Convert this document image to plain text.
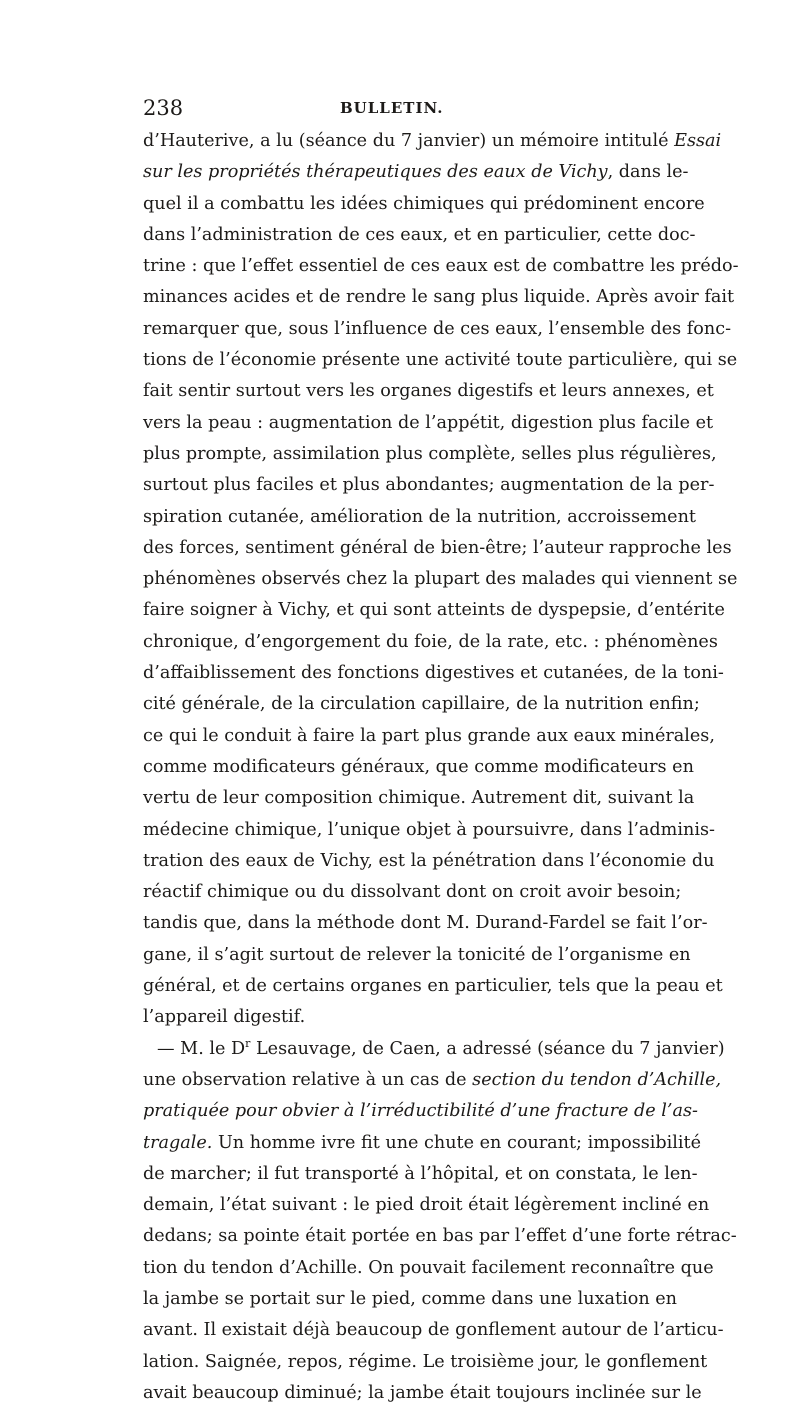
238	BULLETIN.
d’Hauterive, a lu (séance du 7 janvier) un mémoire intitulé Essai
sur les propriétés thérapeutiques des eaux de Vichy, dans le-
quel il a combattu les idées chimiques qui prédominent encore
dans l’administration de ces eaux, et en particulier, cette doc-
trine : que l’effet essentiel de ces eaux est de combattre les prédo-
minances acides et de rendre le sang plus liquide. Après avoir fait
remarquer que, sous l’influence de ces eaux, l’ensemble des fonc-
tions de l’économie présente une activité toute particulière, qui se
fait sentir surtout vers les organes digestifs et leurs annexes, et
vers la peau : augmentation de l’appétit, digestion plus facile et
plus prompte, assimilation plus complète, selles plus régulières,
surtout plus faciles et plus abondantes; augmentation de la per-
spiration cutanée, amélioration de la nutrition, accroissement
des forces, sentiment général de bien-être; l’auteur rapproche les
phénomènes observés chez la plupart des malades qui viennent se
faire soigner à Vichy, et qui sont atteints de dyspepsie, d’entérite
chronique, d’engorgement du foie, de la rate, etc. : phénomènes
d’affaiblissement des fonctions digestives et cutanées, de la toni-
cité générale, de la circulation capillaire, de la nutrition enfin;
ce qui le conduit à faire la part plus grande aux eaux minérales,
comme modificateurs généraux, que comme modificateurs en
vertu de leur composition chimique. Autrement dit, suivant la
médecine chimique, l’unique objet à poursuivre, dans l’adminis-
tration des eaux de Vichy, est la pénétration dans l’économie du
réactif chimique ou du dissolvant dont on croit avoir besoin;
tandis que, dans la méthode dont M. Durand-Fardel se fait l’or-
gane, il s’agit surtout de relever la tonicité de l’organisme en
général, et de certains organes en particulier, tels que la peau et
l’appareil digestif.
— M. le $D^r$ Lesauvage, de Caen, a adressé (séance du 7 janvier)
une observation relative à un cas de section du tendon d’Achille,
pratiquée pour obvier à l’irréductibilité d’une fracture de l’as-
tragale. Un homme ivre fit une chute en courant; impossibilité
de marcher; il fut transporté à l’hôpital, et on constata, le len-
demain, l’état suivant : le pied droit était légèrement incliné en
dedans; sa pointe était portée en bas par l’effet d’une forte rétrac-
tion du tendon d’Achille. On pouvait facilement reconnaître que
la jambe se portait sur le pied, comme dans une luxation en
avant. Il existait déjà beaucoup de gonflement autour de l’articu-
lation. Saignée, repos, régime. Le troisième jour, le gonflement
avait beaucoup diminué; la jambe était toujours inclinée sur le
